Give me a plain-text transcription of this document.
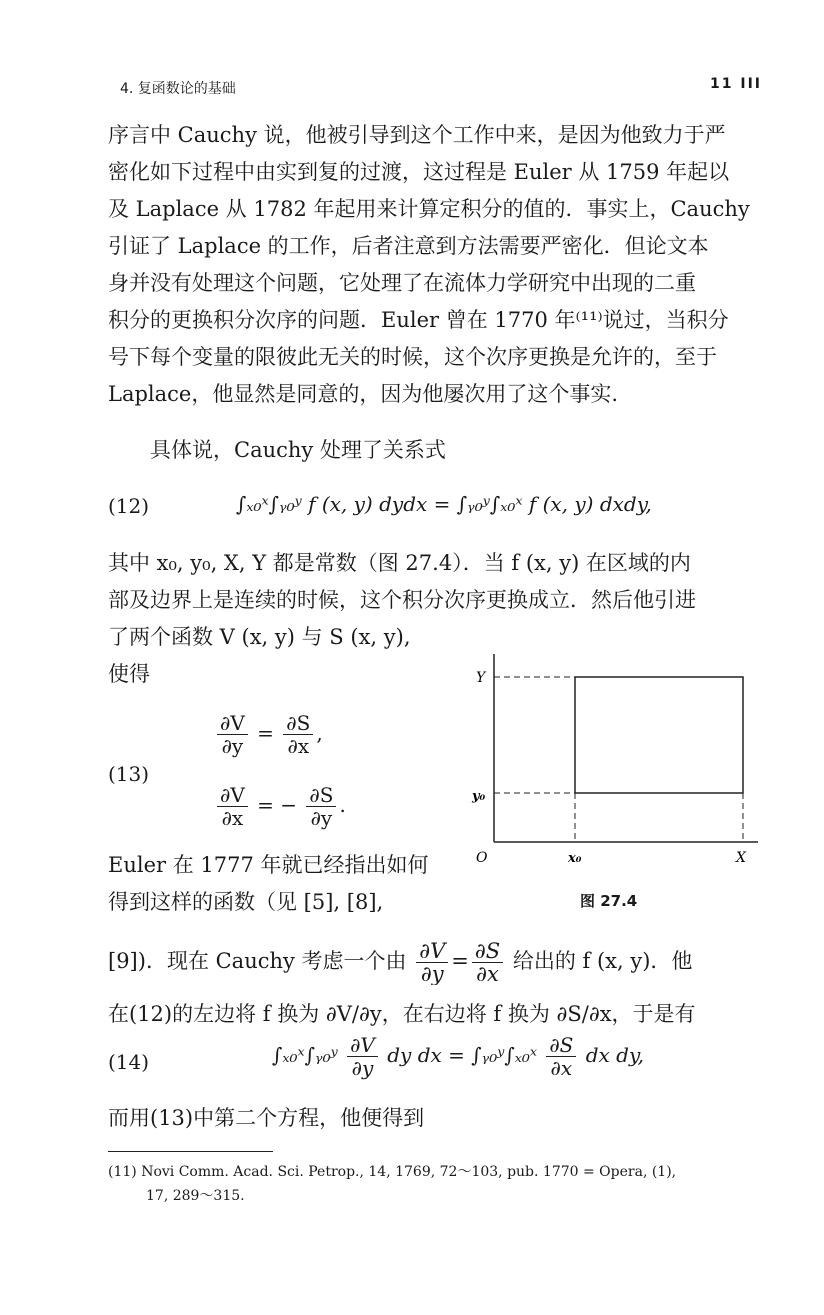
4. 复函数论的基础	11 III
序言中 Cauchy 说，他被引导到这个工作中来，是因为他致力于严
密化如下过程中由实到复的过渡，这过程是 Euler 从 1759 年起以
及 Laplace 从 1782 年起用来计算定积分的值的．事实上，Cauchy
引证了 Laplace 的工作，后者注意到方法需要严密化．但论文本
身并没有处理这个问题，它处理了在流体力学研究中出现的二重
积分的更换积分次序的问题．Euler 曾在 1770 年⁽¹¹⁾说过，当积分
号下每个变量的限彼此无关的时候，这个次序更换是允许的，至于
Laplace，他显然是同意的，因为他屡次用了这个事实.
具体说，Cauchy 处理了关系式
(12)	∫ₓ₀ˣ∫ᵧ₀ʸ f (x, y) dydx = ∫ᵧ₀ʸ∫ₓ₀ˣ f (x, y) dxdy,
其中 x₀, y₀, X, Y 都是常数（图 27.4）．当 f (x, y) 在区域的内
部及边界上是连续的时候，这个积分次序更换成立．然后他引进
了两个函数 V (x, y) 与 S (x, y),
使得
(13)
$\frac{\partial V}{\partial y} = \frac{\partial S}{\partial x}$ ,
$\frac{\partial V}{\partial x}$ = − $\frac{\partial S}{\partial y}$ .
Euler 在 1777 年就已经指出如何
得到这样的函数（见 [5], [8],
Y
y₀
O	x₀	X
图 27.4
[9])．现在 Cauchy 考虑一个由 $\frac{\partial V}{\partial y} = \frac{\partial S}{\partial x}$ 给出的 f (x, y)．他
在(12)的左边将 f 换为 ∂V/∂y，在右边将 f 换为 ∂S/∂x，于是有
(14)	∫ₓ₀ˣ∫ᵧ₀ʸ $\frac{\partial V}{\partial y}$ dy dx = ∫ᵧ₀ʸ∫ₓ₀ˣ $\frac{\partial S}{\partial x}$ dx dy,
而用(13)中第二个方程，他便得到
(11) Novi Comm. Acad. Sci. Petrop., 14, 1769, 72～103, pub. 1770 = Opera, (1),
17, 289～315.
